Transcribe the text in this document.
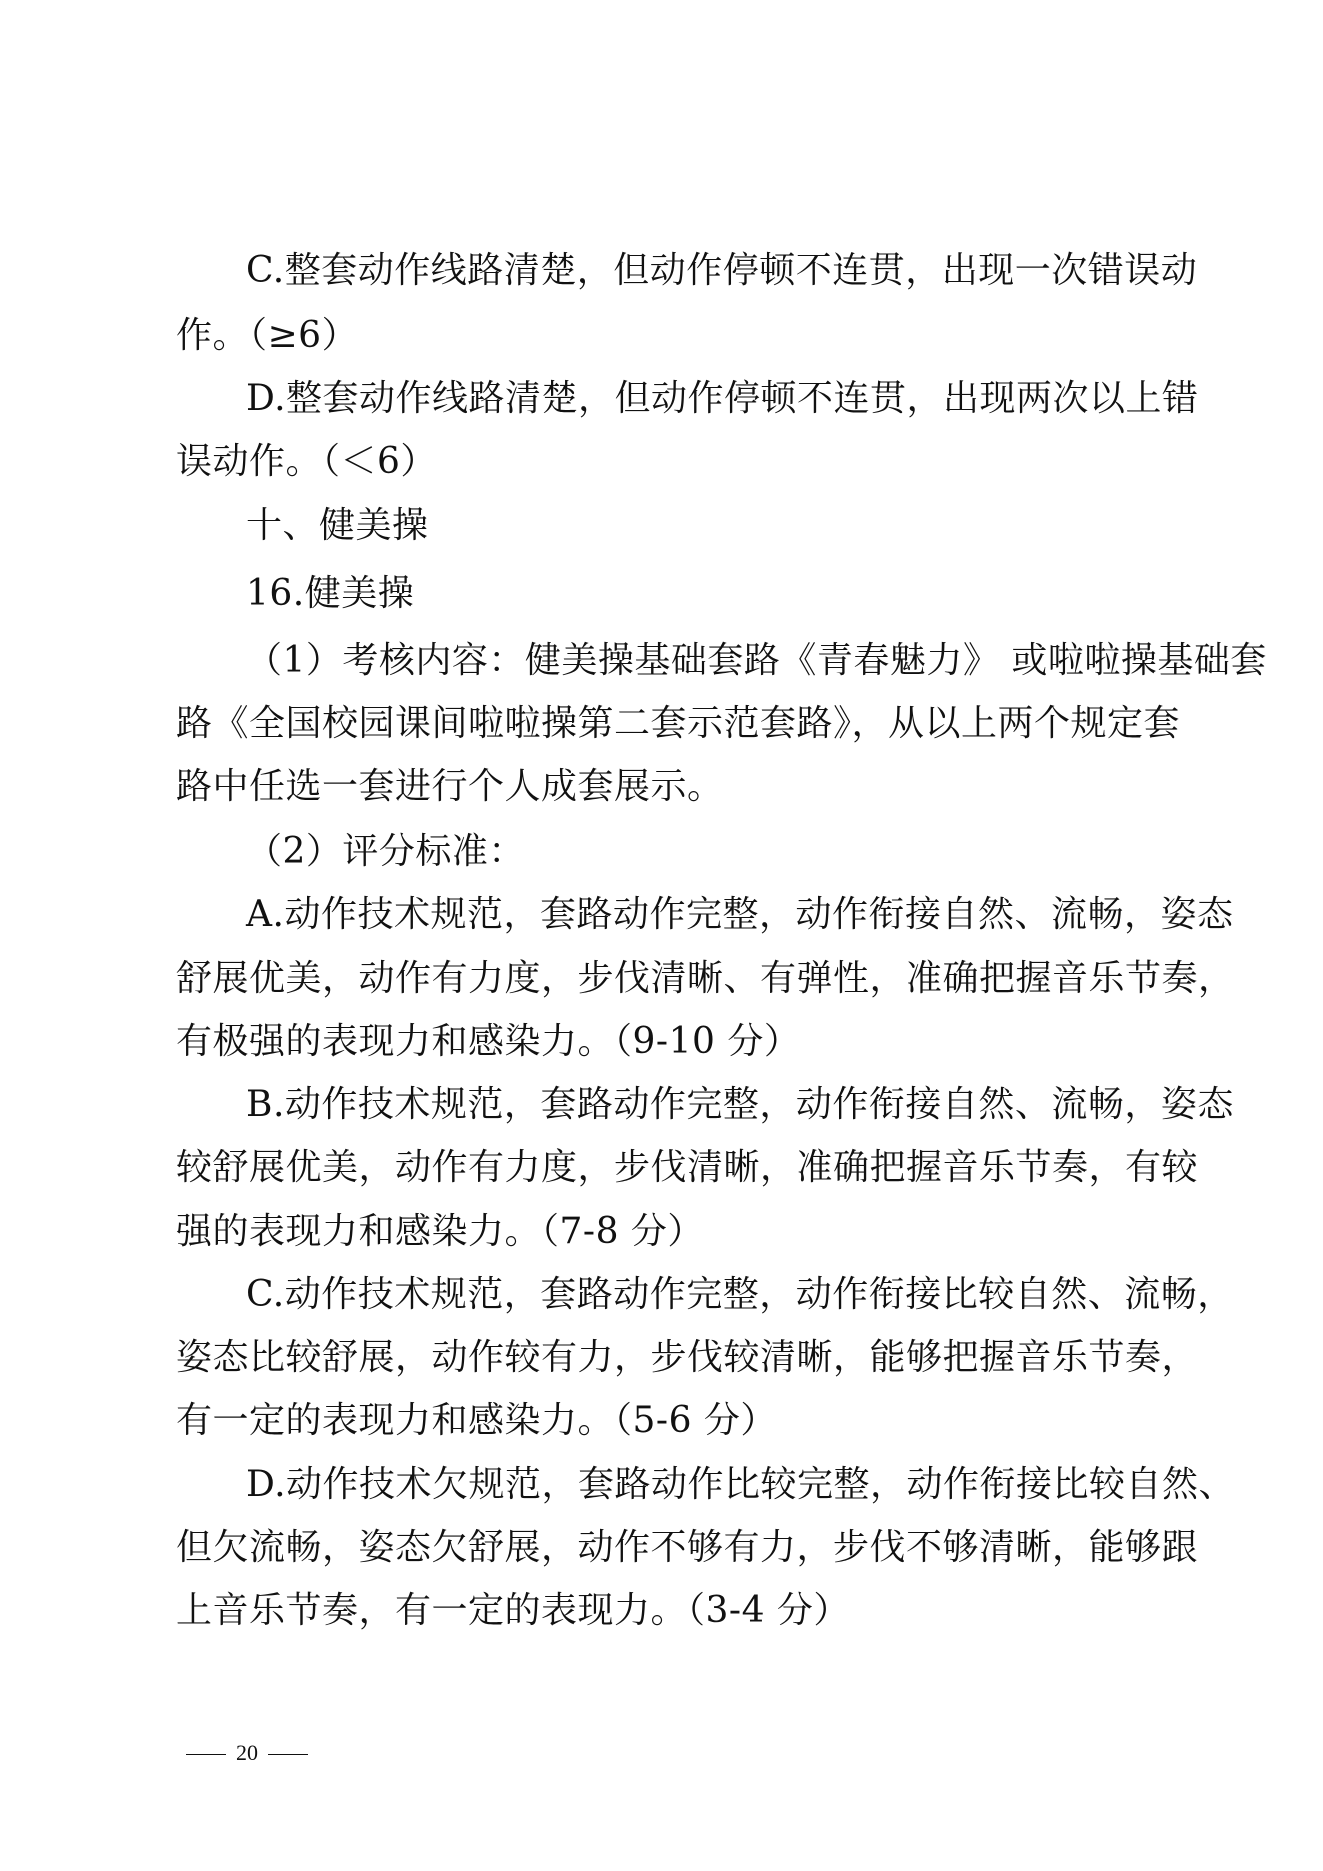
C.整套动作线路清楚，但动作停顿不连贯，出现一次错误动
作。（≥6）
D.整套动作线路清楚，但动作停顿不连贯，出现两次以上错
误动作。（＜6）
十、健美操
16.健美操
（1）考核内容：健美操基础套路《青春魅力》 或啦啦操基础套
路《全国校园课间啦啦操第二套示范套路》，从以上两个规定套
路中任选一套进行个人成套展示。
（2）评分标准：
A.动作技术规范，套路动作完整，动作衔接自然、流畅，姿态
舒展优美，动作有力度，步伐清晰、有弹性，准确把握音乐节奏，
有极强的表现力和感染力。（9-10 分）
B.动作技术规范，套路动作完整，动作衔接自然、流畅，姿态
较舒展优美，动作有力度，步伐清晰，准确把握音乐节奏，有较
强的表现力和感染力。（7-8 分）
C.动作技术规范，套路动作完整，动作衔接比较自然、流畅，
姿态比较舒展，动作较有力，步伐较清晰，能够把握音乐节奏，
有一定的表现力和感染力。（5-6 分）
D.动作技术欠规范，套路动作比较完整，动作衔接比较自然、
但欠流畅，姿态欠舒展，动作不够有力，步伐不够清晰，能够跟
上音乐节奏，有一定的表现力。（3-4 分）
20
